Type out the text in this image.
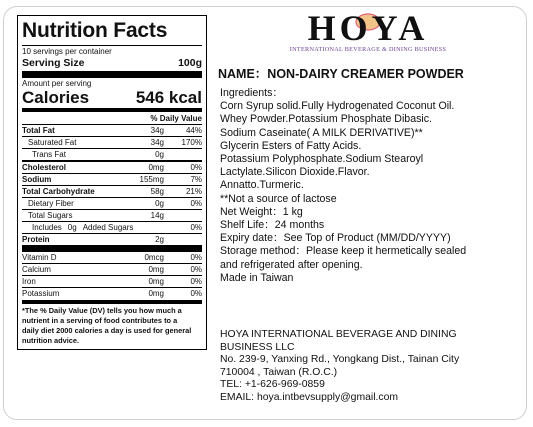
Nutrition Facts
10 servings per container
Serving Size	100g
Amount per serving
Calories	546 kcal
% Daily Value
Total Fat	34g	44%
Saturated Fat	34g	170%
Trans Fat	0g
Cholesterol	0mg	0%
Sodium	155mg	7%
Total Carbohydrate	58g	21%
Dietary Fiber	0g	0%
Total Sugars	14g
Includes 0g Added Sugars	0%
Protein	2g
Vitamin D	0mcg	0%
Calcium	0mg	0%
Iron	0mg	0%
Potassium	0mg	0%
*The % Daily Value (DV) tells you how much a
nutrient in a serving of food contributes to a
daily diet 2000 calories a day is used for general
nutrition advice.
HOYA
INTERNATIONAL BEVERAGE & DINING BUSINESS
NAME：NON-DAIRY CREAMER POWDER
Ingredients：
Corn Syrup solid.Fully Hydrogenated Coconut Oil.
Whey Powder.Potassium Phosphate Dibasic.
Sodium Caseinate( A MILK DERIVATIVE)**
Glycerin Esters of Fatty Acids.
Potassium Polyphosphate.Sodium Stearoyl
Lactylate.Silicon Dioxide.Flavor.
Annatto.Turmeric.
**Not a source of lactose
Net Weight：1 kg
Shelf Life：24 months
Expiry date：See Top of Product (MM/DD/YYYY)
Storage method：Please keep it hermetically sealed
and refrigerated after opening.
Made in Taiwan
HOYA INTERNATIONAL BEVERAGE AND DINING
BUSINESS LLC
No. 239-9, Yanxing Rd., Yongkang Dist., Tainan City
710004 , Taiwan (R.O.C.)
TEL: +1-626-969-0859
EMAIL: hoya.intbevsupply@gmail.com
